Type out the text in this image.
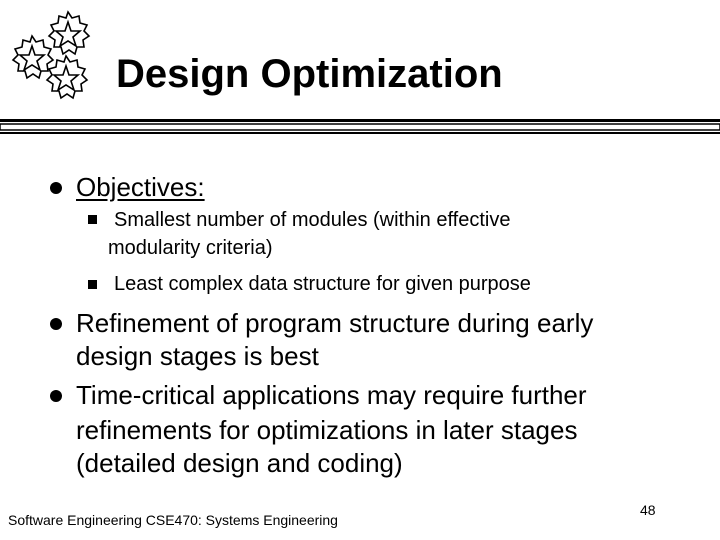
Design Optimization
Objectives:
Smallest number of modules (within effective
modularity criteria)
Least complex data structure for given purpose
Refinement of program structure during early
design stages is best
Time-critical applications may require further
refinements for optimizations in later stages
(detailed design and coding)
Software Engineering CSE470: Systems Engineering
48
